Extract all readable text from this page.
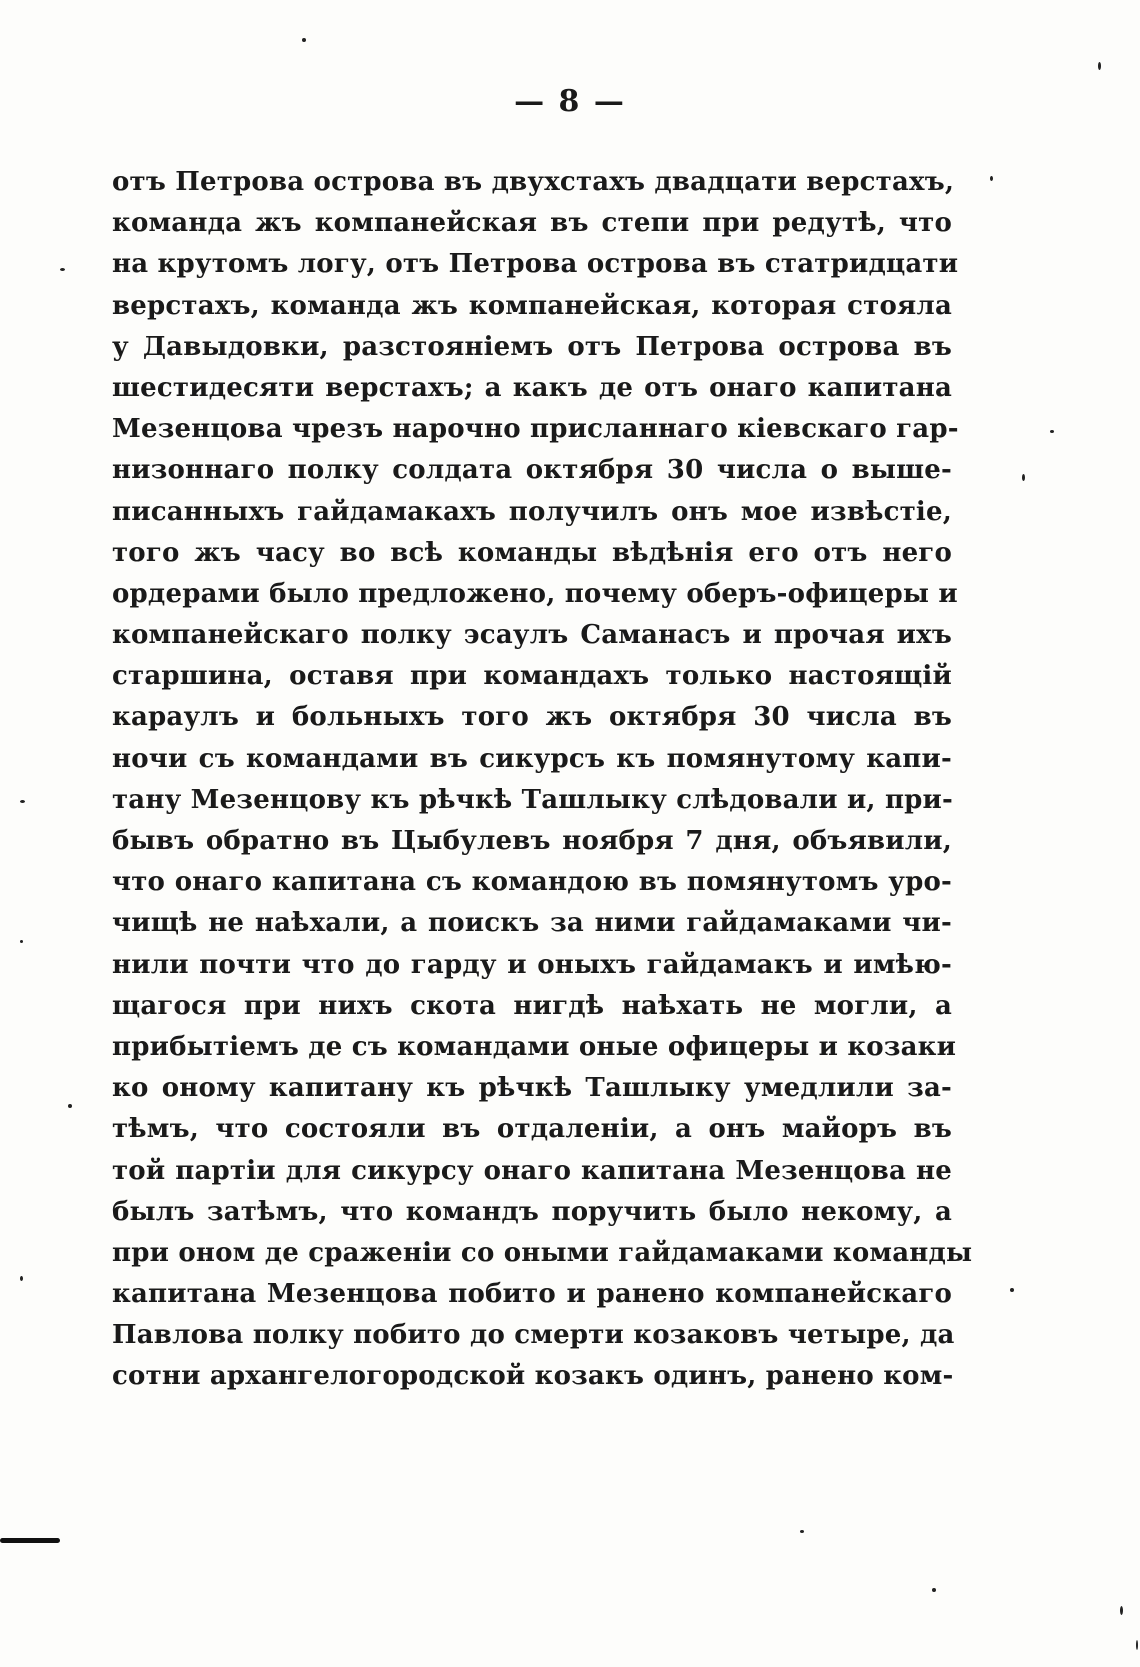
— 8 —
отъ Петрова острова въ двухстахъ двадцати верстахъ,
команда жъ компанейская въ степи при редутѣ, что
на крутомъ логу, отъ Петрова острова въ статридцати
верстахъ, команда жъ компанейская, которая стояла
у Давыдовки, разстояніемъ отъ Петрова острова въ
шестидесяти верстахъ; а какъ де отъ онаго капитана
Мезенцова чрезъ нарочно присланнаго кіевскаго гар-
низоннаго полку солдата октября 30 числа о выше-
писанныхъ гайдамакахъ получилъ онъ мое извѣстіе,
того жъ часу во всѣ команды вѣдѣнія его отъ него
ордерами было предложено, почему оберъ-офицеры и
компанейскаго полку эсаулъ Саманасъ и прочая ихъ
старшина, оставя при командахъ только настоящій
караулъ и больныхъ того жъ октября 30 числа въ
ночи съ командами въ сикурсъ къ помянутому капи-
тану Мезенцову къ рѣчкѣ Ташлыку слѣдовали и, при-
бывъ обратно въ Цыбулевъ ноября 7 дня, объявили,
что онаго капитана съ командою въ помянутомъ уро-
чищѣ не наѣхали, а поискъ за ними гайдамаками чи-
нили почти что до гарду и оныхъ гайдамакъ и имѣю-
щагося при нихъ скота нигдѣ наѣхать не могли, а
прибытіемъ де съ командами оные офицеры и козаки
ко оному капитану къ рѣчкѣ Ташлыку умедлили за-
тѣмъ, что состояли въ отдаленіи, а онъ майоръ въ
той партіи для сикурсу онаго капитана Мезенцова не
былъ затѣмъ, что командъ поручить было некому, а
при оном де сраженіи со оными гайдамаками команды
капитана Мезенцова побито и ранено компанейскаго
Павлова полку побито до смерти козаковъ четыре, да
сотни архангелогородской козакъ одинъ, ранено ком-
